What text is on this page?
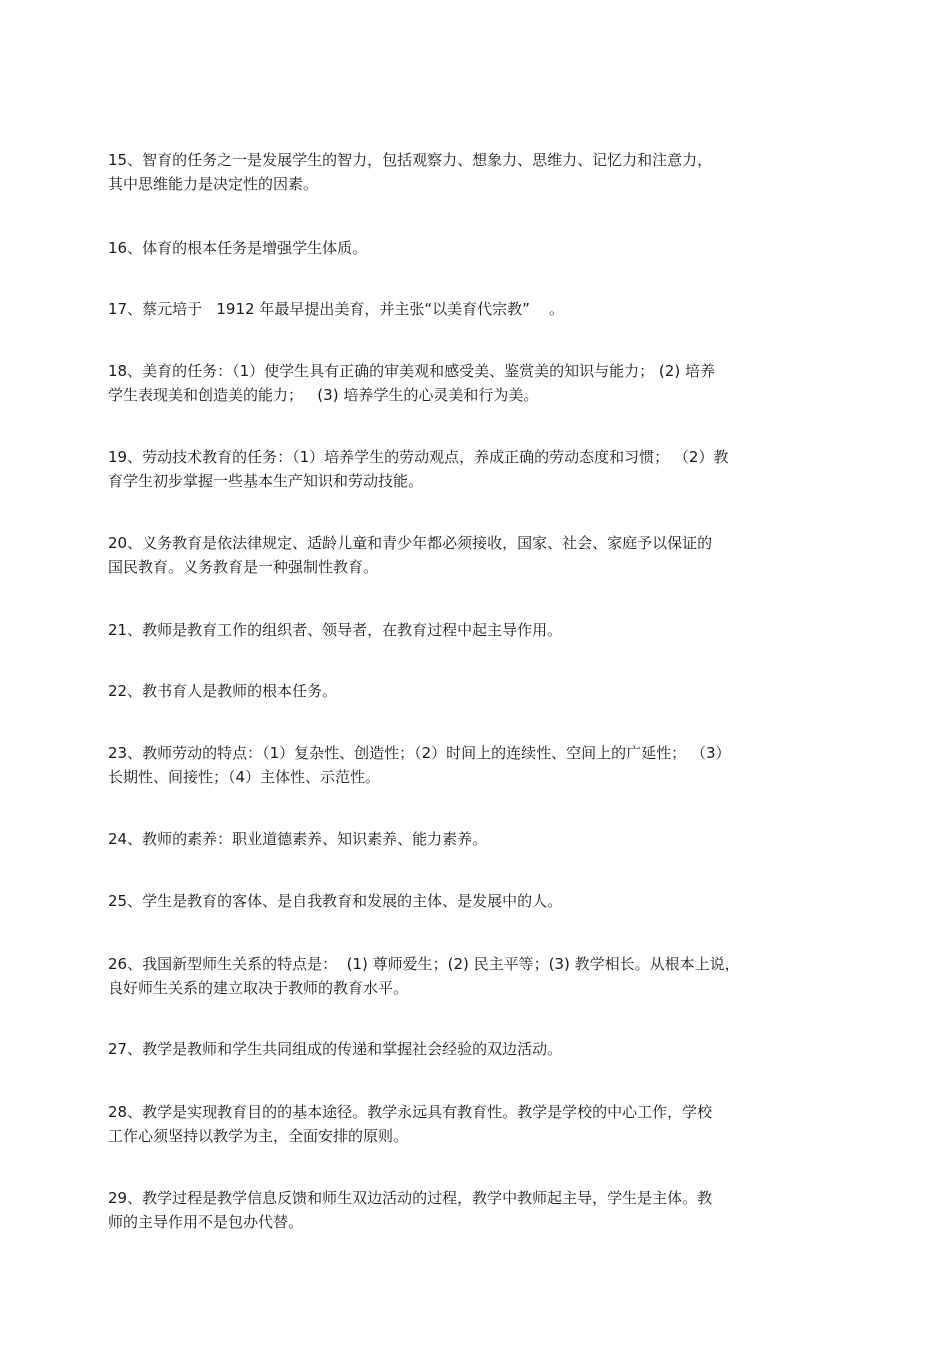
15、智育的任务之一是发展学生的智力，包括观察力、想象力、思维力、记忆力和注意力，
其中思维能力是决定性的因素。
16、体育的根本任务是增强学生体质。
17、蔡元培于   1912 年最早提出美育，并主张“以美育代宗教”    。
18、美育的任务：（1）使学生具有正确的审美观和感受美、鉴赏美的知识与能力； (2) 培养
学生表现美和创造美的能力；   (3) 培养学生的心灵美和行为美。
19、劳动技术教育的任务：（1）培养学生的劳动观点，养成正确的劳动态度和习惯； （2）教
育学生初步掌握一些基本生产知识和劳动技能。
20、义务教育是依法律规定、适龄儿童和青少年都必须接收，国家、社会、家庭予以保证的
国民教育。义务教育是一种强制性教育。
21、教师是教育工作的组织者、领导者，在教育过程中起主导作用。
22、教书育人是教师的根本任务。
23、教师劳动的特点：（1）复杂性、创造性；（2）时间上的连续性、空间上的广延性； （3）
长期性、间接性；（4）主体性、示范性。
24、教师的素养：职业道德素养、知识素养、能力素养。
25、学生是教育的客体、是自我教育和发展的主体、是发展中的人。
26、我国新型师生关系的特点是：  (1) 尊师爱生；(2) 民主平等；(3) 教学相长。从根本上说，
良好师生关系的建立取决于教师的教育水平。
27、教学是教师和学生共同组成的传递和掌握社会经验的双边活动。
28、教学是实现教育目的的基本途径。教学永远具有教育性。教学是学校的中心工作，学校
工作心须坚持以教学为主，全面安排的原则。
29、教学过程是教学信息反馈和师生双边活动的过程，教学中教师起主导，学生是主体。教
师的主导作用不是包办代替。
